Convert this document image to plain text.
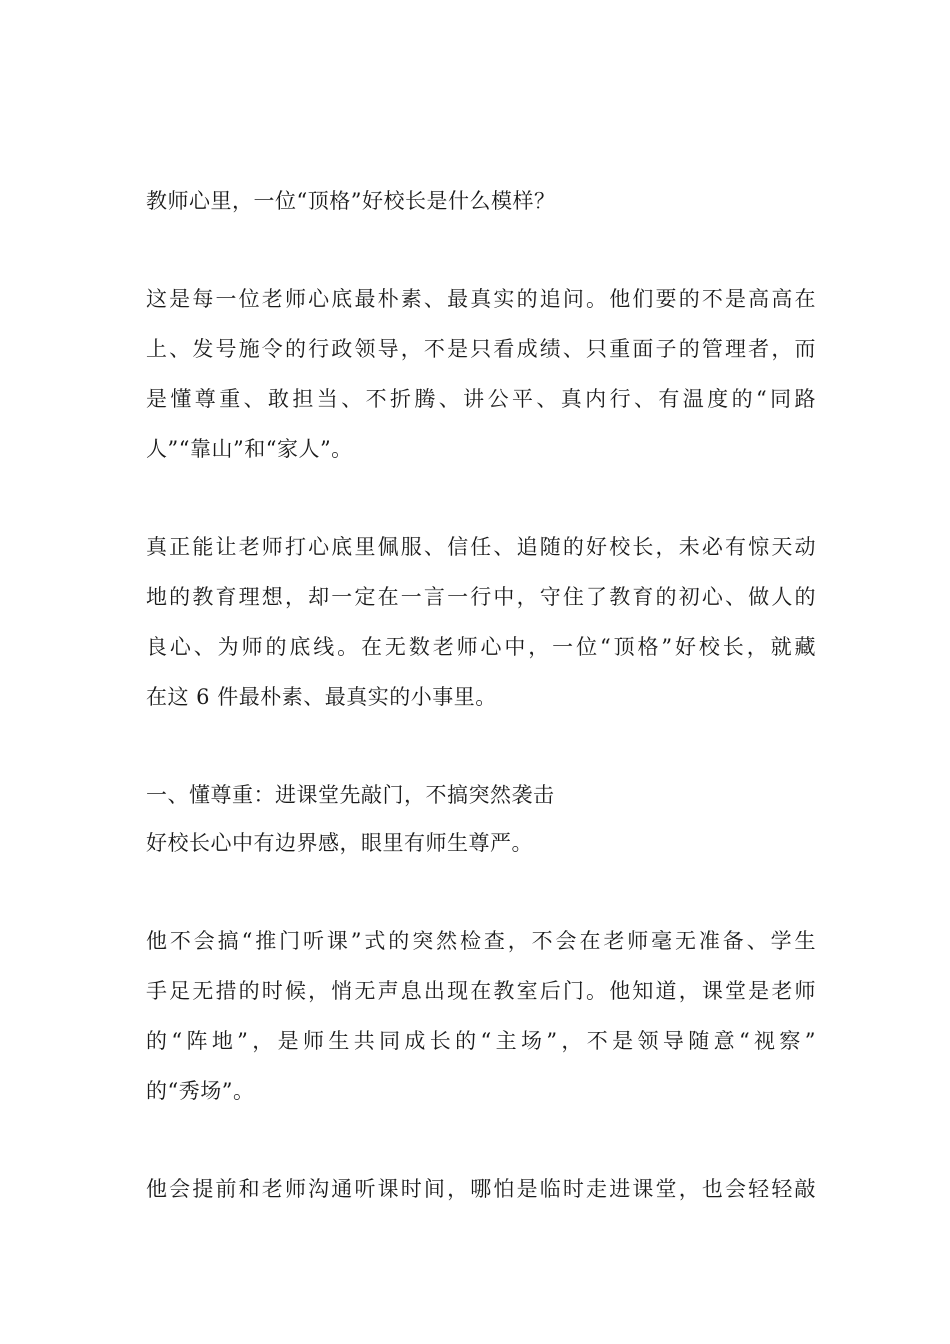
教师心里，一位“顶格”好校长是什么模样？
这是每一位老师心底最朴素、最真实的追问。他们要的不是高高在
上、发号施令的行政领导，不是只看成绩、只重面子的管理者，而
是懂尊重、敢担当、不折腾、讲公平、真内行、有温度的“同路
人”“靠山”和“家人”。
真正能让老师打心底里佩服、信任、追随的好校长，未必有惊天动
地的教育理想，却一定在一言一行中，守住了教育的初心、做人的
良心、为师的底线。在无数老师心中，一位“顶格”好校长，就藏
在这 6 件最朴素、最真实的小事里。
一、懂尊重：进课堂先敲门，不搞突然袭击
好校长心中有边界感，眼里有师生尊严。
他不会搞“推门听课”式的突然检查，不会在老师毫无准备、学生
手足无措的时候，悄无声息出现在教室后门。他知道，课堂是老师
的“阵地”，是师生共同成长的“主场”，不是领导随意“视察”
的“秀场”。
他会提前和老师沟通听课时间，哪怕是临时走进课堂，也会轻轻敲
